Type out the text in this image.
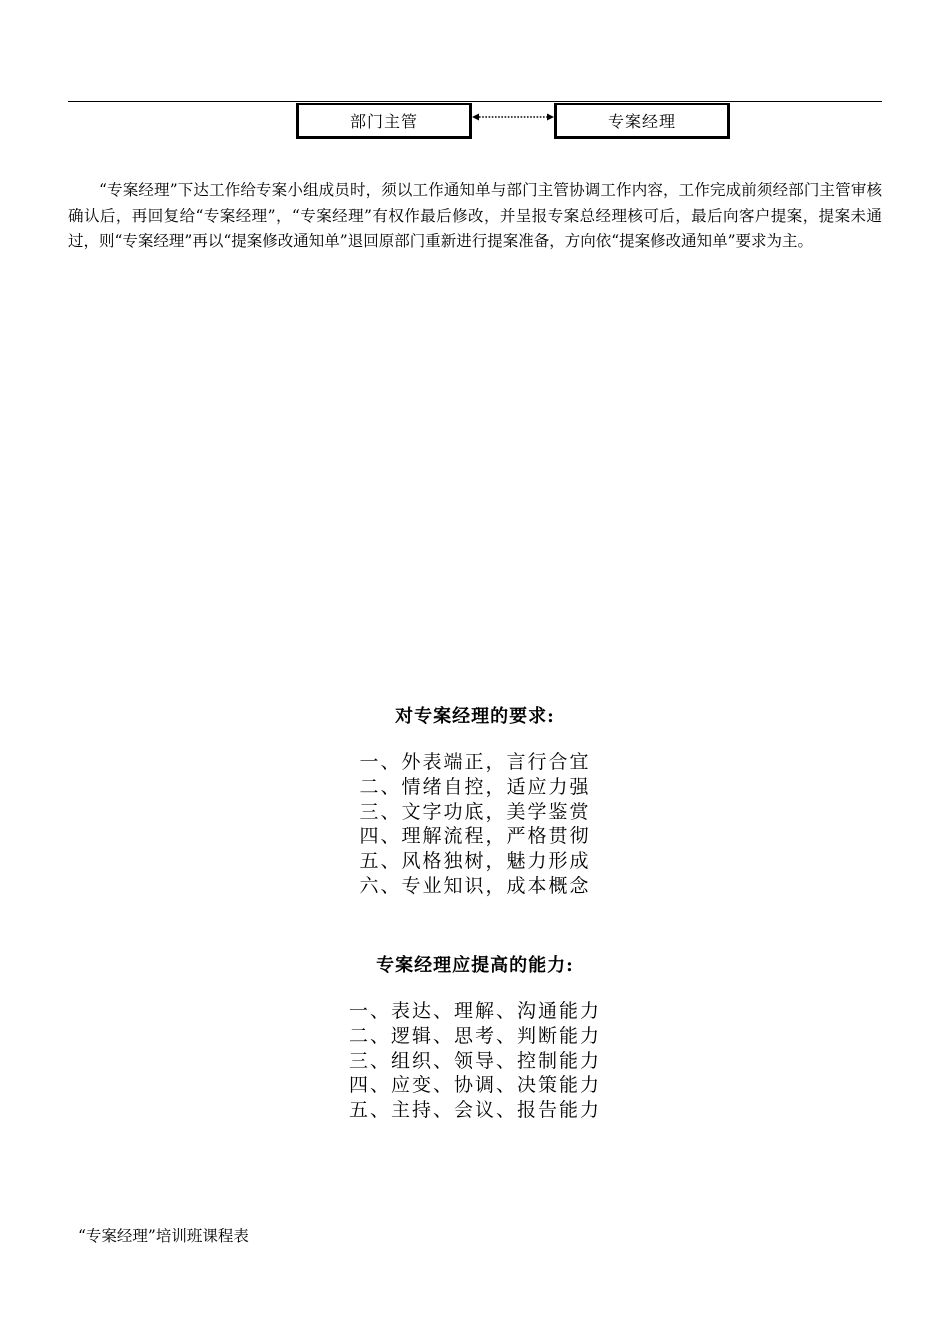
部门主管	专案经理

“专案经理”下达工作给专案小组成员时，须以工作通知单与部门主管协调工作内容，工作完成前须经部门主管审核确认后，再回复给“专案经理”，“专案经理”有权作最后修改，并呈报专案总经理核可后，最后向客户提案，提案未通过，则“专案经理”再以“提案修改通知单”退回原部门重新进行提案准备，方向依“提案修改通知单”要求为主。

对专案经理的要求:
一、外表端正，言行合宜
二、情绪自控，适应力强
三、文字功底，美学鉴赏
四、理解流程，严格贯彻
五、风格独树，魅力形成
六、专业知识，成本概念
专案经理应提高的能力:
一、表达、理解、沟通能力
二、逻辑、思考、判断能力
三、组织、领导、控制能力
四、应变、协调、决策能力
五、主持、会议、报告能力
“专案经理”培训班课程表
